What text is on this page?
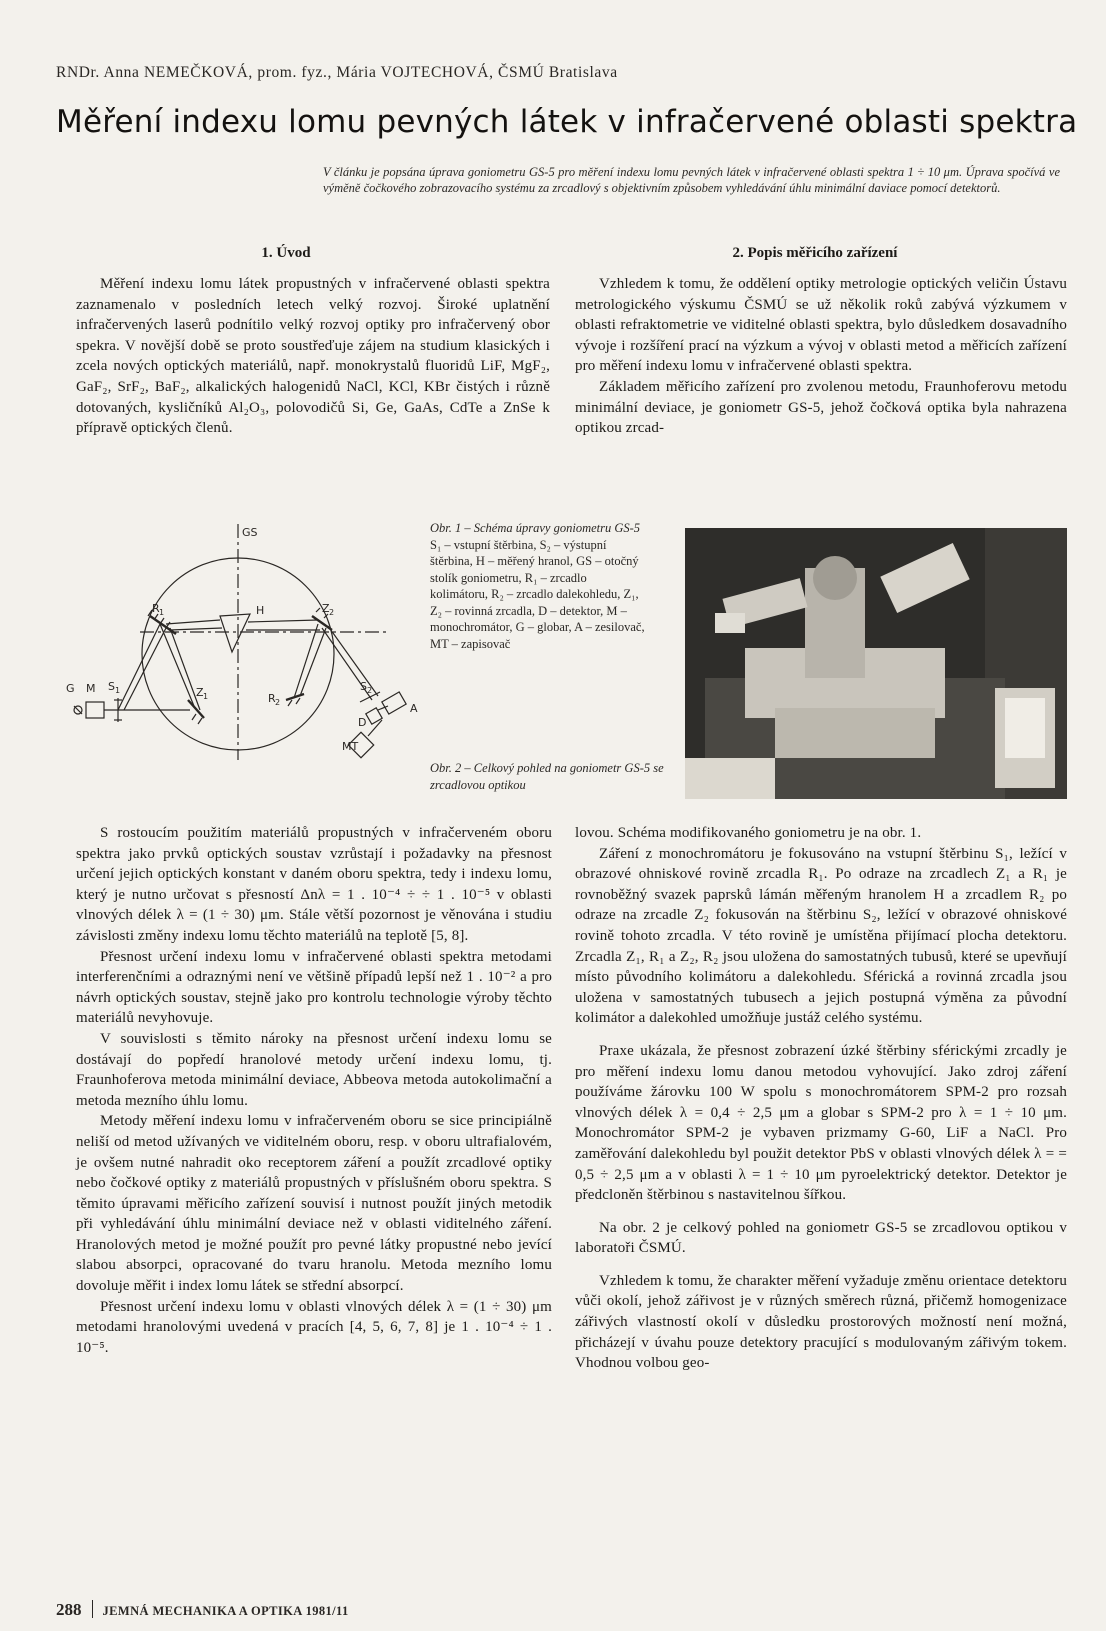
RNDr. Anna NEMEČKOVÁ, prom. fyz., Mária VOJTECHOVÁ, ČSMÚ Bratislava
Měření indexu lomu pevných látek v infračervené oblasti spektra
V článku je popsána úprava goniometru GS-5 pro měření indexu lomu pevných látek v infračervené oblasti spektra 1 ÷ 10 μm. Úprava spočívá ve výměně čočkového zobrazovacího systému za zrcadlový s objektivním způsobem vyhledávání úhlu minimální daviace pomocí detektorů.
1. Úvod	2. Popis měřicího zařízení

Měření indexu lomu látek propustných v infračervené oblasti spektra zaznamenalo v posledních letech velký rozvoj. Široké uplatnění infračervených laserů podnítilo velký rozvoj optiky pro infračervený obor spekra. V novější době se proto soustřeďuje zájem na studium klasických i zcela nových optických materiálů, např. monokrystalů fluoridů LiF, MgF₂, GaF₂, SrF₂, BaF₂, alkalických halogenidů NaCl, KCl, KBr čistých i různě dotovaných, kysličníků Al₂O₃, polovodičů Si, Ge, GaAs, CdTe a ZnSe k přípravě optických členů.

Vzhledem k tomu, že oddělení optiky metrologie optických veličin Ústavu metrologického výskumu ČSMÚ se už několik roků zabývá výzkumem v oblasti refraktometrie ve viditelné oblasti spektra, bylo důsledkem dosavadního vývoje i rozšíření prací na výzkum a vývoj v oblasti metod a měřicích zařízení pro měření indexu lomu v infračervené oblasti spektra.

Základem měřicího zařízení pro zvolenou metodu, Fraunhoferovu metodu minimální deviace, je goniometr GS-5, jehož čočková optika byla nahrazena optikou zrcad-

GS
G M S 1
R 1
Z 1
H
R 2
Z 2
S 2
D
A
MT
Obr. 1 – Schéma úpravy goniometru GS-5
S₁ – vstupní štěrbina, S₂ – výstupní štěrbina, H – měřený hranol, GS – otočný stolík goniometru, R₁ – zrcadlo kolimátoru, R₂ – zrcadlo dalekohledu, Z₁, Z₂ – rovinná zrcadla, D – detektor, M – monochromátor, G – globar, A – zesilovač, MT – zapisovač
Obr. 2 – Celkový pohled na goniometr GS-5 se zrcadlovou optikou

S rostoucím použitím materiálů propustných v infračerveném oboru spektra jako prvků optických soustav vzrůstají i požadavky na přesnost určení jejich optických konstant v daném oboru spektra, tedy i indexu lomu, který je nutno určovat s přesností Δnλ = 1 . 10⁻⁴ ÷ ÷ 1 . 10⁻⁵ v oblasti vlnových délek λ = (1 ÷ 30) μm. Stále větší pozornost je věnována i studiu závislosti změny indexu lomu těchto materiálů na teplotě [5, 8].

Přesnost určení indexu lomu v infračervené oblasti spektra metodami interferenčními a odraznými není ve většině případů lepší než 1 . 10⁻² a pro návrh optických soustav, stejně jako pro kontrolu technologie výroby těchto materiálů nevyhovuje.

V souvislosti s těmito nároky na přesnost určení indexu lomu se dostávají do popředí hranolové metody určení indexu lomu, tj. Fraunhoferova metoda minimální deviace, Abbeova metoda autokolimační a metoda mezního úhlu lomu.

Metody měření indexu lomu v infračerveném oboru se sice principiálně neliší od metod užívaných ve viditelném oboru, resp. v oboru ultrafialovém, je ovšem nutné nahradit oko receptorem záření a použít zrcadlové optiky nebo čočkové optiky z materiálů propustných v příslušném oboru spektra. S těmito úpravami měřicího zařízení souvisí i nutnost použít jiných metodik při vyhledávání úhlu minimální deviace než v oblasti viditelného záření. Hranolových metod je možné použít pro pevné látky propustné nebo jevící slabou absorpci, opracované do tvaru hranolu. Metoda mezního lomu dovoluje měřit i index lomu látek se střední absorpcí.

Přesnost určení indexu lomu v oblasti vlnových délek λ = (1 ÷ 30) μm metodami hranolovými uvedená v pracích [4, 5, 6, 7, 8] je 1 . 10⁻⁴ ÷ 1 . 10⁻⁵.

lovou. Schéma modifikovaného goniometru je na obr. 1.

Záření z monochromátoru je fokusováno na vstupní štěrbinu S₁, ležící v obrazové ohniskové rovině zrcadla R₁. Po odraze na zrcadlech Z₁ a R₁ je rovnoběžný svazek paprsků lámán měřeným hranolem H a zrcadlem R₂ po odraze na zrcadle Z₂ fokusován na štěrbinu S₂, ležící v obrazové ohniskové rovině tohoto zrcadla. V této rovině je umístěna přijímací plocha detektoru. Zrcadla Z₁, R₁ a Z₂, R₂ jsou uložena do samostatných tubusů, které se upevňují místo původního kolimátoru a dalekohledu. Sférická a rovinná zrcadla jsou uložena v samostatných tubusech a jejich postupná výměna za původní kolimátor a dalekohled umožňuje justáž celého systému.

Praxe ukázala, že přesnost zobrazení úzké štěrbiny sférickými zrcadly je pro měření indexu lomu danou metodou vyhovující. Jako zdroj záření používáme žárovku 100 W spolu s monochromátorem SPM-2 pro rozsah vlnových délek λ = 0,4 ÷ 2,5 μm a globar s SPM-2 pro λ = 1 ÷ 10 μm. Monochromátor SPM-2 je vybaven prizmamy G-60, LiF a NaCl. Pro zaměřování dalekohledu byl použit detektor PbS v oblasti vlnových délek λ = = 0,5 ÷ 2,5 μm a v oblasti λ = 1 ÷ 10 μm pyroelektrický detektor. Detektor je předcloněn štěrbinou s nastavitelnou šířkou.

Na obr. 2 je celkový pohled na goniometr GS-5 se zrcadlovou optikou v laboratoři ČSMÚ.

Vzhledem k tomu, že charakter měření vyžaduje změnu orientace detektoru vůči okolí, jehož zářivost je v různých směrech různá, přičemž homogenizace zářivých vlastností okolí v důsledku prostorových možností není možná, přicházejí v úvahu pouze detektory pracující s modulovaným zářivým tokem. Vhodnou volbou geo-

288 JEMNÁ MECHANIKA A OPTIKA 1981/11
